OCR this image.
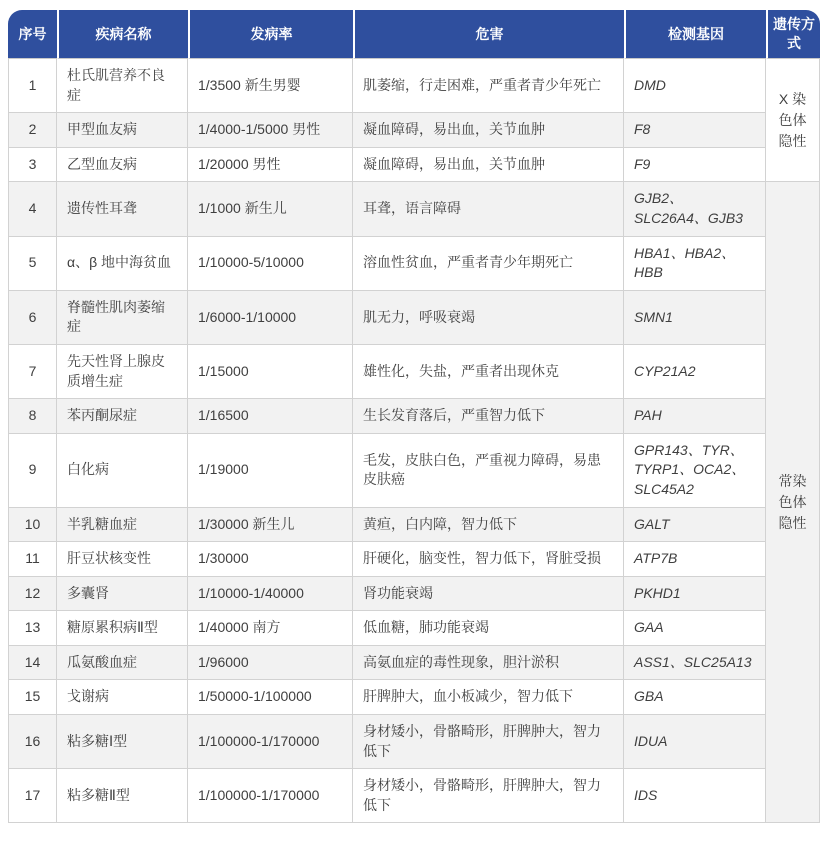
序号	疾病名称	发病率	危害	检测基因	遗传方式
1	杜氏肌营养不良症	1/3500 新生男婴	肌萎缩，行走困难，严重者青少年死亡	DMD	X 染色体隐性
2	甲型血友病	1/4000-1/5000 男性	凝血障碍，易出血，关节血肿	F8	
3	乙型血友病	1/20000 男性	凝血障碍，易出血，关节血肿	F9	
4	遗传性耳聋	1/1000 新生儿	耳聋，语言障碍	GJB2、SLC26A4、GJB3	常染色体隐性
5	α、β 地中海贫血	1/10000-5/10000	溶血性贫血，严重者青少年期死亡	HBA1、HBA2、HBB	
6	脊髓性肌肉萎缩症	1/6000-1/10000	肌无力，呼吸衰竭	SMN1	
7	先天性肾上腺皮质增生症	1/15000	雄性化，失盐，严重者出现休克	CYP21A2	
8	苯丙酮尿症	1/16500	生长发育落后，严重智力低下	PAH	
9	白化病	1/19000	毛发，皮肤白色，严重视力障碍，易患皮肤癌	GPR143、TYR、TYRP1、OCA2、SLC45A2	
10	半乳糖血症	1/30000 新生儿	黄疸，白内障，智力低下	GALT	
11	肝豆状核变性	1/30000	肝硬化，脑变性，智力低下，肾脏受损	ATP7B	
12	多囊肾	1/10000-1/40000	肾功能衰竭	PKHD1	
13	糖原累积病Ⅱ型	1/40000 南方	低血糖，肺功能衰竭	GAA	
14	瓜氨酸血症	1/96000	高氨血症的毒性现象，胆汁淤积	ASS1、SLC25A13	
15	戈谢病	1/50000-1/100000	肝脾肿大，血小板减少，智力低下	GBA	
16	粘多糖Ⅰ型	1/100000-1/170000	身材矮小，骨骼畸形，肝脾肿大，智力低下	IDUA	
17	粘多糖Ⅱ型	1/100000-1/170000	身材矮小，骨骼畸形，肝脾肿大，智力低下	IDS	
